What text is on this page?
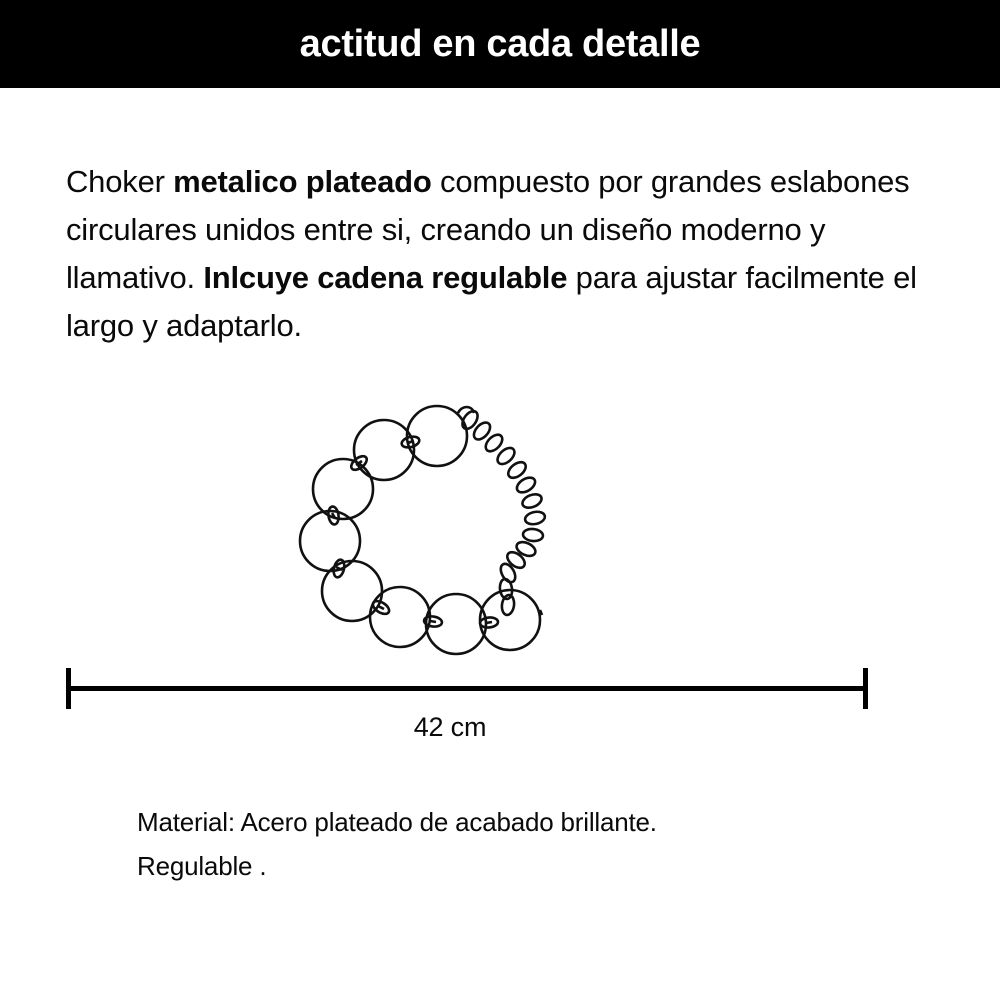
actitud en cada detalle
Choker metalico plateado compuesto por grandes eslabones circulares unidos entre si, creando un diseño moderno y llamativo. Inlcuye cadena regulable para ajustar facilmente el largo y adaptarlo.
42 cm
Material: Acero plateado de acabado brillante.
Regulable .
